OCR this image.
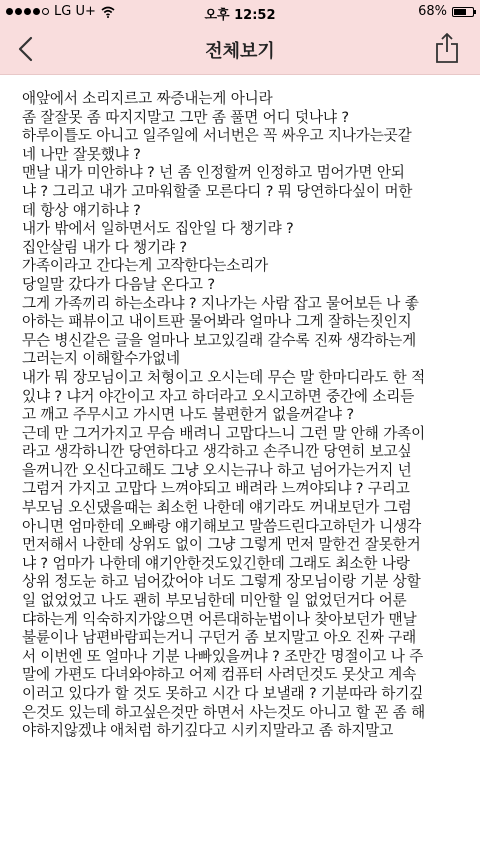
LG U+	오후 12:52	68%
전체보기
애앞에서 소리지르고 짜증내는게 아니라
좀 잘잘못 좀 따지지말고 그만 좀 풀면 어디 덧나냐 ?
하루이틀도 아니고 일주일에 서너번은 꼭 싸우고 지나가는곳같
네 나만 잘못했냐 ?
맨날 내가 미안하냐 ? 넌 좀 인정할꺼 인정하고 멈어가면 안되
냐 ? 그리고 내가 고마워할줄 모른다디 ? 뭐 당연하다싶이 머한
데 항상 얘기하냐 ?
내가 밖에서 일하면서도 집안일 다 챙기랴 ?
집안살림 내가 다 챙기랴 ?
가족이라고 간다는게 고작한다는소리가
당일말 갔다가 다음날 온다고 ?
그게 가족끼리 하는소라냐 ? 지나가는 사람 잡고 물어보든 나 좋
아하는 패뷰이고 내이트판 물어봐라 얼마나 그게 잘하는짓인지
무슨 병신같은 글을 얼마나 보고있길래 갈수록 진짜 생각하는게
그러는지 이해할수가없네
내가 뭐 장모님이고 처형이고 오시는데 무슨 말 한마디라도 한 적
있냐 ? 냐거 야간이고 자고 하더라고 오시고하면 중간에 소리듣
고 깨고 주무시고 가시면 나도 불편한거 없을꺼같냐 ?
근데 만 그거가지고 무슴 배려니 고맙다느니 그런 말 안해 가족이
라고 생각하니깐 당연하다고 생각하고 손주니깐 당연히 보고싶
을꺼니깐 오신다고해도 그냥 오시는규나 하고 넘어가는거지 넌
그럼거 가지고 고맙다 느껴야되고 배려라 느껴야되냐 ? 구리고
부모님 오신댔을때는 최소헌 나한데 얘기라도 꺼내보던가 그럼
아니면 엄마한데 오빠랑 얘기해보고 말씀드린다고하던가 니생각
먼저해서 나한데 상위도 없이 그냥 그렇게 먼저 말한건 잘못한거
냐 ? 엄마가 나한데 얘기안한것도있긴한데 그래도 최소한 나랑
상위 정도눈 하고 넘어갔어야 너도 그렇게 장모님이랑 기분 상할
일 없었었고 나도 괜히 부모님한데 미안할 일 없었던거다 어룬
댜하는게 익숙하지가않으면 어른대하눈법이나 찾아보던가 맨날
불륜이나 남편바람피는거니 구던거 좀 보지말고 아오 진짜 구래
서 이번엔 또 얼마나 기분 나빠있을꺼냐 ? 조만간 명절이고 나 주
말에 가편도 다녀와야하고 어제 컴퓨터 사려던것도 못삿고 계속
이러고 있다가 할 것도 못하고 시간 다 보낼래 ? 기분따라 하기깊
은것도 있는데 하고싶은것만 하면서 사는것도 아니고 할 꼰 좀 해
야하지않겠냐 애처럼 하기깊다고 시키지말라고 좀 하지말고
